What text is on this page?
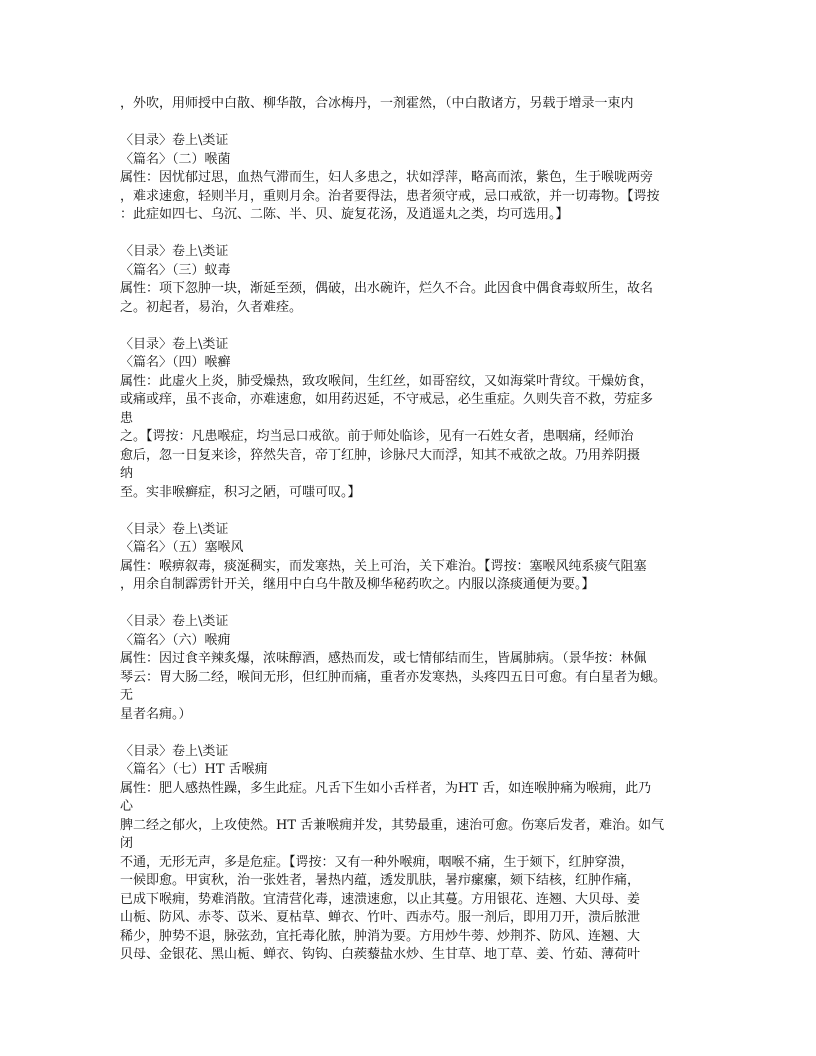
，外吹，用师授中白散、柳华散，合冰梅丹，一剂霍然，（中白散诸方，另载于增录一束内
〈目录〉卷上\类证
〈篇名〉（二）喉菌
属性：因忧郁过思，血热气滞而生，妇人多患之，状如浮萍，略高而浓，紫色，生于喉咙两旁
，难求速愈，轻则半月，重则月余。治者要得法，患者须守戒，忌口戒欲，并一切毒物。【谔按
：此症如四七、乌沉、二陈、半、贝、旋复花汤，及逍遥丸之类，均可选用。】
〈目录〉卷上\类证
〈篇名〉（三）蚁毒
属性：项下忽肿一块，渐延至颈，偶破，出水碗许，烂久不合。此因食中偶食毒蚁所生，故名
之。初起者，易治，久者难痊。
〈目录〉卷上\类证
〈篇名〉（四）喉癣
属性：此虚火上炎，肺受燥热，致攻喉间，生红丝，如哥窑纹，又如海棠叶背纹。干燥妨食，
或痛或痒，虽不丧命，亦难速愈，如用药迟延，不守戒忌，必生重症。久则失音不救，劳症多
患
之。【谔按：凡患喉症，均当忌口戒欲。前于师处临诊，见有一石姓女者，患咽痛，经师治
愈后，忽一日复来诊，猝然失音，帝丁红肿，诊脉尺大而浮，知其不戒欲之故。乃用养阴摄
纳
至。实非喉癣症，积习之陋，可嗤可叹。】
〈目录〉卷上\类证
〈篇名〉（五）塞喉风
属性：喉痹叙毒，痰涎稠实，而发寒热，关上可治，关下难治。【谔按：塞喉风纯系痰气阻塞
，用余自制霹雳针开关，继用中白乌牛散及柳华秘药吹之。内服以涤痰通便为要。】
〈目录〉卷上\类证
〈篇名〉（六）喉痈
属性：因过食辛辣炙爆，浓味醇酒，感热而发，或七情郁结而生，皆属肺病。（景华按：林佩
琴云：胃大肠二经，喉间无形，但红肿而痛，重者亦发寒热，头疼四五日可愈。有白星者为蛾。
无
星者名痈。）
〈目录〉卷上\类证
〈篇名〉（七）HT 舌喉痈
属性：肥人感热性躁，多生此症。凡舌下生如小舌样者，为HT 舌，如连喉肿痛为喉痈，此乃
心
脾二经之郁火，上攻使然。HT 舌兼喉痈并发，其势最重，速治可愈。伤寒后发者，难治。如气
闭
不通，无形无声，多是危症。【谔按：又有一种外喉痈，咽喉不痛，生于颏下，红肿穿溃，
一候即愈。甲寅秋，治一张姓者，暑热内蕴，透发肌肤，暑疖瘰瘰，颏下结核，红肿作痛，
已成下喉痈，势难消散。宜清营化毒，速溃速愈，以止其蔓。方用银花、连翘、大贝母、姜
山栀、防风、赤苓、苡米、夏枯草、蝉衣、竹叶、西赤芍。服一剂后，即用刀开，溃后脓泄
稀少，肿势不退，脉弦劲，宜托毒化脓，肿消为要。方用炒牛蒡、炒荆芥、防风、连翘、大
贝母、金银花、黑山栀、蝉衣、钩钩、白蒺藜盐水炒、生甘草、地丁草、姜、竹茹、薄荷叶
